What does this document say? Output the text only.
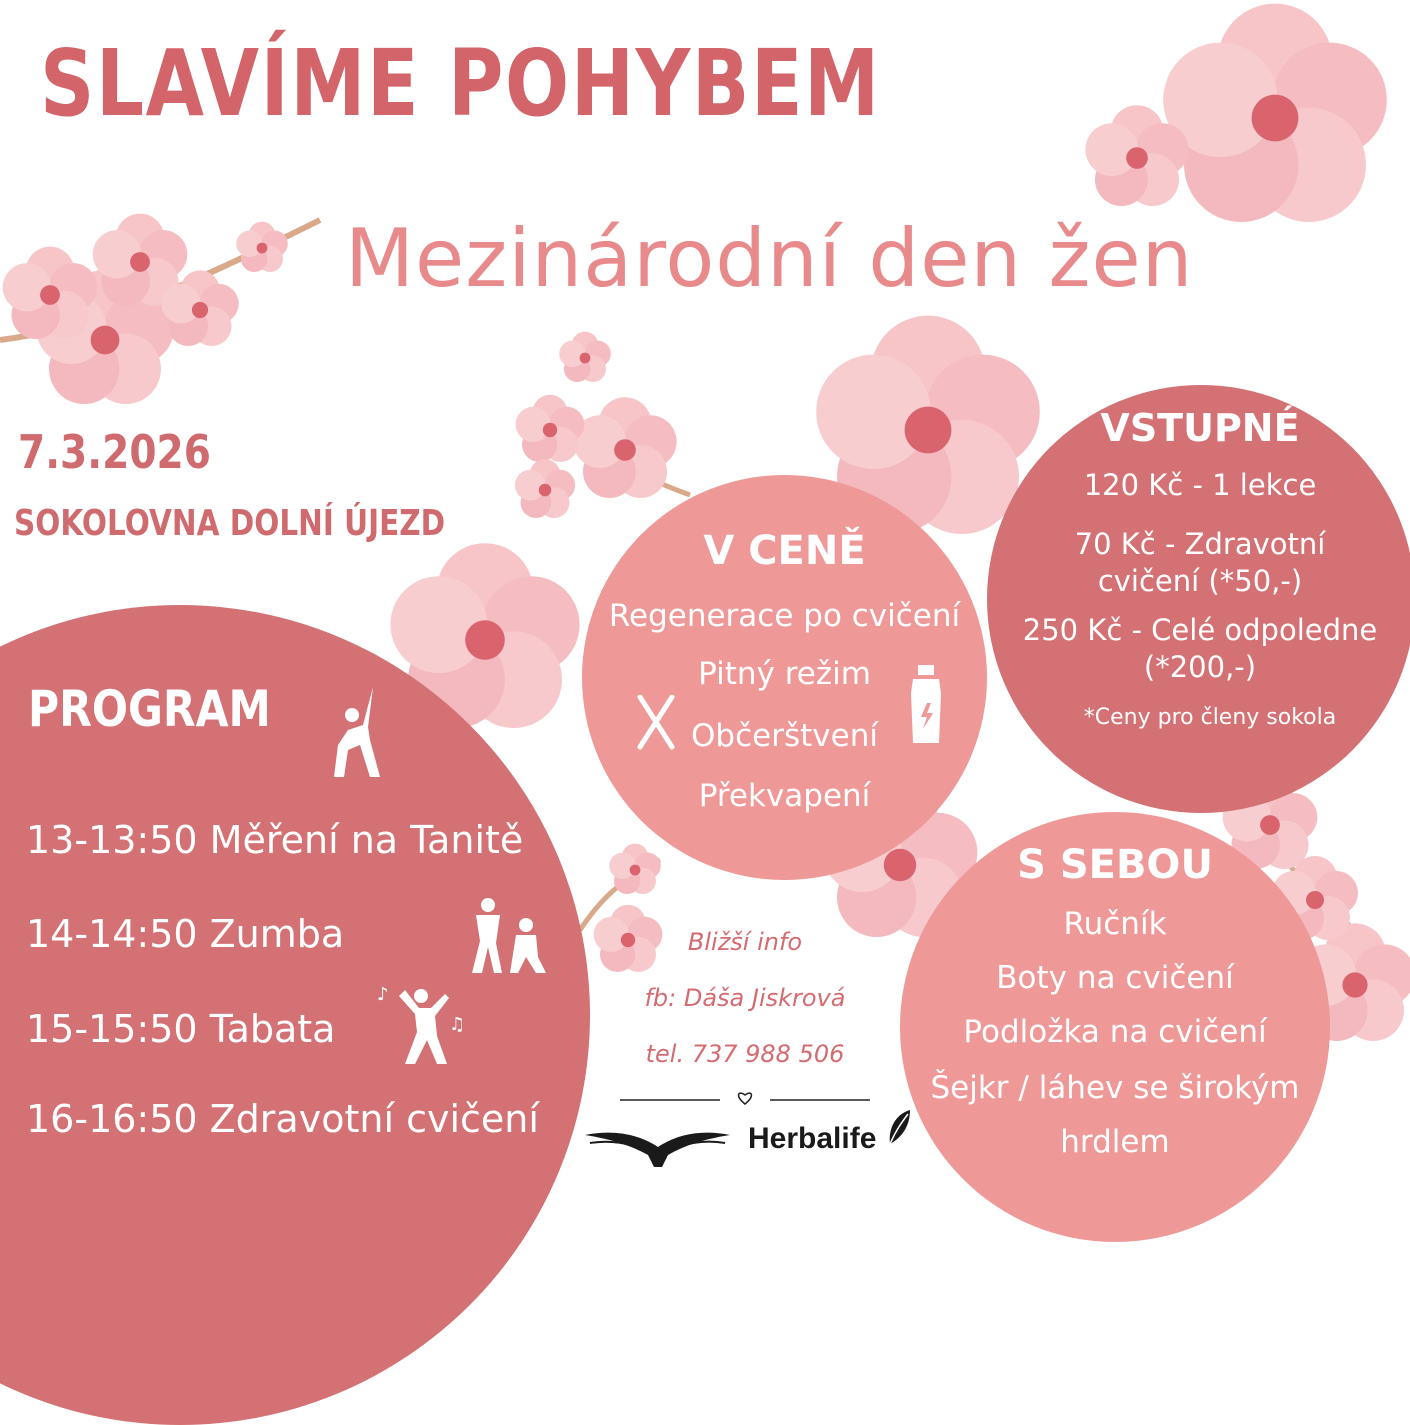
SLAVÍME POHYBEM
Mezinárodní den žen
7.3.2026
SOKOLOVNA DOLNÍ ÚJEZD
PROGRAM
13-13:50 Měření na Tanitě
14-14:50 Zumba
15-15:50 Tabata
16-16:50 Zdravotní cvičení
♪
♫
V CENĚ
Regenerace po cvičení
Pitný režim
Občerštvení
Překvapení
VSTUPNÉ
120 Kč - 1 lekce
70 Kč - Zdravotní
cvičení (*50,-)
250 Kč - Celé odpoledne
(*200,-)
*Ceny pro členy sokola
S SEBOU
Ručník
Boty na cvičení
Podložka na cvičení
Šejkr / láhev se širokým
hrdlem
Bližší info
fb: Dáša Jiskrová
tel. 737 988 506
Herbalife
